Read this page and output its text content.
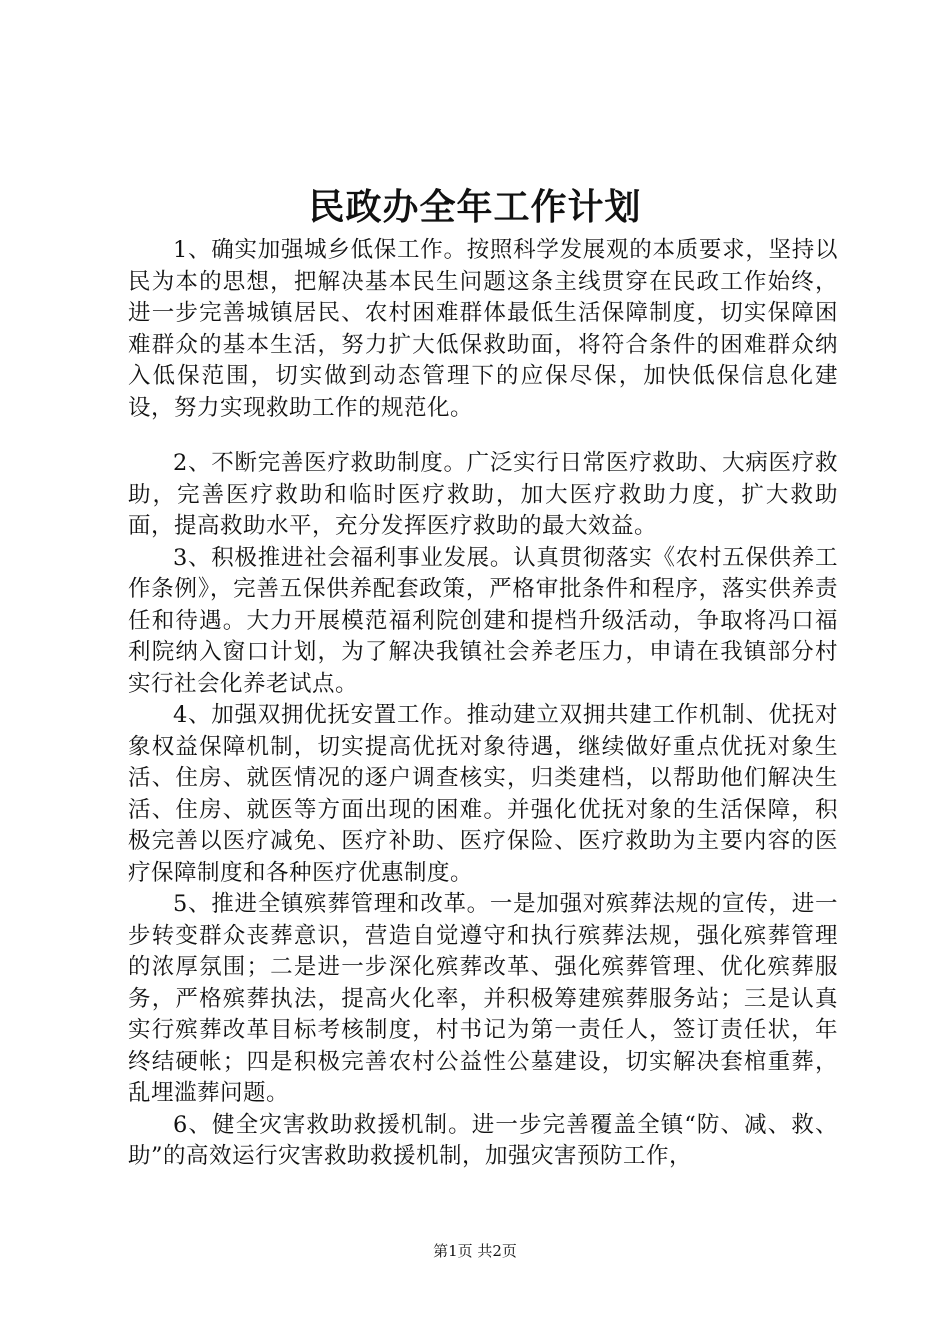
民政办全年工作计划

1、确实加强城乡低保工作。按照科学发展观的本质要求，坚持以民为本的思想，把解决基本民生问题这条主线贯穿在民政工作始终，进一步完善城镇居民、农村困难群体最低生活保障制度，切实保障困难群众的基本生活，努力扩大低保救助面，将符合条件的困难群众纳入低保范围，切实做到动态管理下的应保尽保，加快低保信息化建设，努力实现救助工作的规范化。

2、不断完善医疗救助制度。广泛实行日常医疗救助、大病医疗救助，完善医疗救助和临时医疗救助，加大医疗救助力度，扩大救助面，提高救助水平，充分发挥医疗救助的最大效益。

3、积极推进社会福利事业发展。认真贯彻落实《农村五保供养工作条例》，完善五保供养配套政策，严格审批条件和程序，落实供养责任和待遇。大力开展模范福利院创建和提档升级活动，争取将冯口福利院纳入窗口计划，为了解决我镇社会养老压力，申请在我镇部分村实行社会化养老试点。

4、加强双拥优抚安置工作。推动建立双拥共建工作机制、优抚对象权益保障机制，切实提高优抚对象待遇，继续做好重点优抚对象生活、住房、就医情况的逐户调查核实，归类建档，以帮助他们解决生活、住房、就医等方面出现的困难。并强化优抚对象的生活保障，积极完善以医疗减免、医疗补助、医疗保险、医疗救助为主要内容的医疗保障制度和各种医疗优惠制度。

5、推进全镇殡葬管理和改革。一是加强对殡葬法规的宣传，进一步转变群众丧葬意识，营造自觉遵守和执行殡葬法规，强化殡葬管理的浓厚氛围；二是进一步深化殡葬改革、强化殡葬管理、优化殡葬服务，严格殡葬执法，提高火化率，并积极筹建殡葬服务站；三是认真实行殡葬改革目标考核制度，村书记为第一责任人，签订责任状，年终结硬帐；四是积极完善农村公益性公墓建设，切实解决套棺重葬，乱埋滥葬问题。

6、健全灾害救助救援机制。进一步完善覆盖全镇“防、减、救、助”的高效运行灾害救助救援机制，加强灾害预防工作，

第1页 共2页
